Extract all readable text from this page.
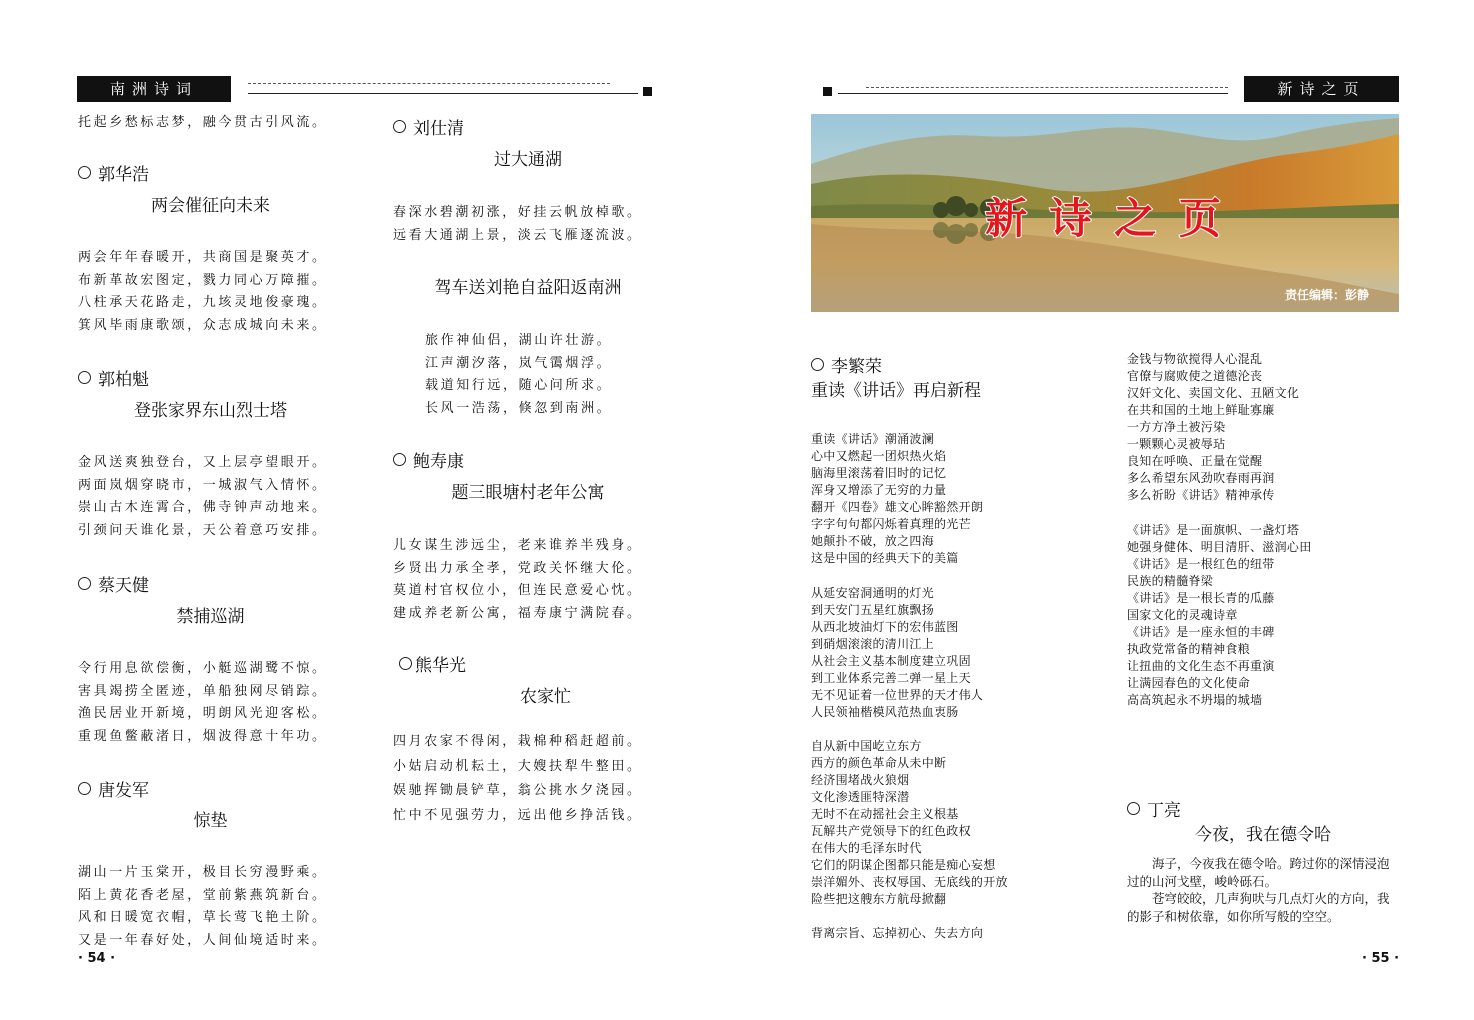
南洲诗词
托起乡愁标志梦，融今贯古引风流。
郭华浩
两会催征向未来
两会年年春暖开，共商国是聚英才。
布新革故宏图定，戮力同心万障摧。
八柱承天花路走，九垓灵地俊豪瑰。
箕风毕雨康歌颂，众志成城向未来。
郭柏魁
登张家界东山烈士塔
金风送爽独登台，又上层亭望眼开。
两面岚烟穿晓市，一城淑气入情怀。
崇山古木连霄合，佛寺钟声动地来。
引颈问天谁化景，天公着意巧安排。
蔡天健
禁捕巡湖
令行用息欲偿衡，小艇巡湖鹭不惊。
害具竭捞全匿迹，单船独网尽销踪。
渔民居业开新境，明朗风光迎客松。
重现鱼鳖蔽渚日，烟波得意十年功。
唐发军
惊垫
湖山一片玉棠开，极目长穷漫野乘。
陌上黄花香老屋，堂前紫燕筑新台。
风和日暖宽衣帽，草长莺飞艳土阶。
又是一年春好处，人间仙境适时来。
· 54 ·
刘仕清
过大通湖
春深水碧潮初涨，好挂云帆放棹歌。
远看大通湖上景，淡云飞雁逐流波。
驾车送刘艳自益阳返南洲
旅作神仙侣，湖山许壮游。
江声潮汐落，岚气霭烟浮。
载道知行远，随心问所求。
长风一浩荡，倏忽到南洲。
鲍寿康
题三眼塘村老年公寓
儿女谋生涉远尘，老来谁养半残身。
乡贤出力承全孝，党政关怀继大伦。
莫道村官权位小，但连民意爱心忱。
建成养老新公寓，福寿康宁满院春。
熊华光
农家忙
四月农家不得闲，栽棉种稻赶超前。
小姑启动机耘土，大嫂扶犁牛整田。
娱驰挥锄晨铲草，翁公挑水夕浇园。
忙中不见强劳力，远出他乡挣活钱。
新诗之页
新 诗 之 页
责任编辑：彭静
李繁荣
重读《讲话》再启新程
重读《讲话》潮涌波澜
心中又燃起一团炽热火焰
脑海里滚荡着旧时的记忆
浑身又增添了无穷的力量
翻开《四卷》雄文心眸豁然开朗
字字句句都闪烁着真理的光芒
她颠扑不破，放之四海
这是中国的经典天下的美篇
从延安窑洞通明的灯光
到天安门五星红旗飘扬
从西北坡油灯下的宏伟蓝图
到硝烟滚滚的清川江上
从社会主义基本制度建立巩固
到工业体系完善二弹一星上天
无不见证着一位世界的天才伟人
人民领袖楷模风范热血衷肠
自从新中国屹立东方
西方的颜色革命从未中断
经济围堵战火狼烟
文化渗透匪特深潜
无时不在动摇社会主义根基
瓦解共产党领导下的红色政权
在伟大的毛泽东时代
它们的阴谋企图都只能是痴心妄想
崇洋媚外、丧权辱国、无底线的开放
险些把这艘东方航母掀翻
背离宗旨、忘掉初心、失去方向
金钱与物欲搅得人心混乱
官僚与腐败使之道德沦丧
汉奸文化、卖国文化、丑陋文化
在共和国的土地上鲜耻寡廉
一方方净土被污染
一颗颗心灵被辱玷
良知在呼唤、正量在觉醒
多么希望东风劲吹春雨再润
多么祈盼《讲话》精神承传
《讲话》是一面旗帜、一盏灯塔
她强身健体、明目清肝、滋润心田
《讲话》是一根红色的纽带
民族的精髓脊梁
《讲话》是一根长青的瓜藤
国家文化的灵魂诗章
《讲话》是一座永恒的丰碑
执政党常备的精神食粮
让扭曲的文化生态不再重演
让满园春色的文化使命
高高筑起永不坍塌的城墙
丁亮
今夜，我在德令哈
海子，今夜我在德令哈。跨过你的深情浸泡过的山河戈壁，峻岭砾石。
苍穹皎皎，几声狗吠与几点灯火的方向，我的影子和树依靠，如你所写般的空空。
· 55 ·
